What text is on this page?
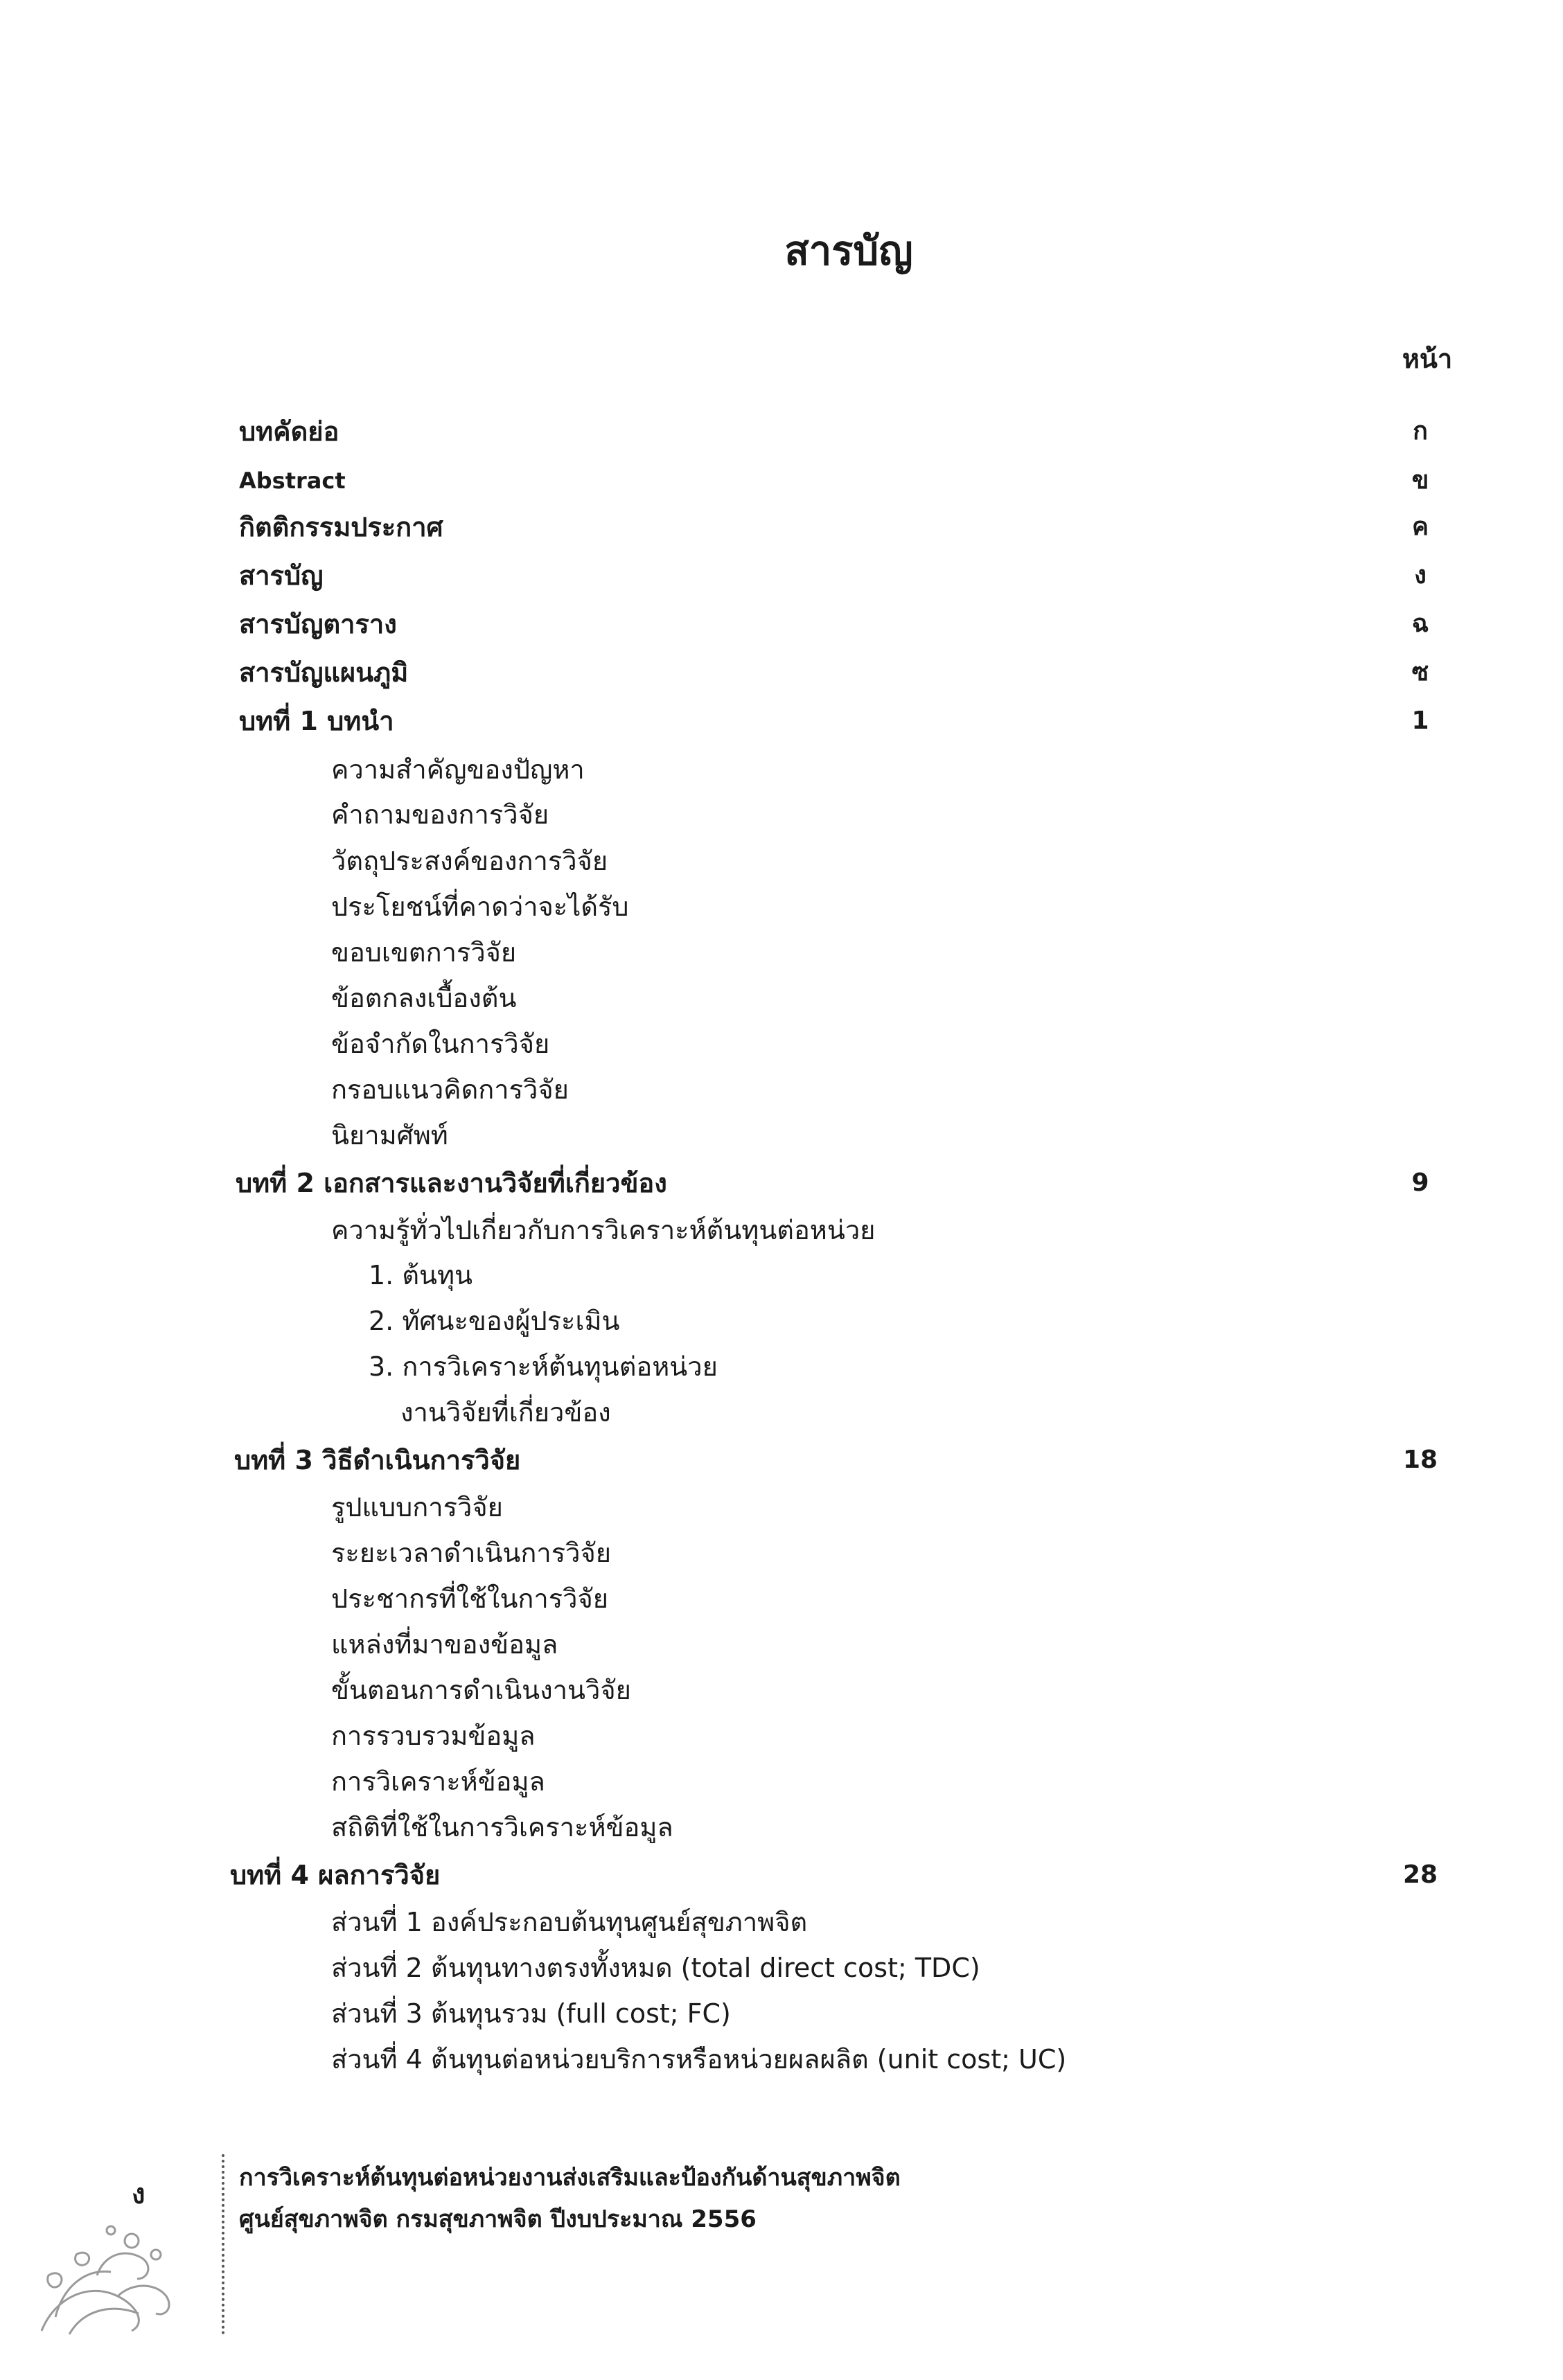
สารบัญ
หน้า
บทคัดย่อ	ก
Abstract	ข
กิตติกรรมประกาศ	ค
สารบัญ	ง
สารบัญตาราง	ฉ
สารบัญแผนภูมิ	ซ
บทที่ 1 บทนำ	1
ความสำคัญของปัญหา
คำถามของการวิจัย
วัตถุประสงค์ของการวิจัย
ประโยชน์ที่คาดว่าจะได้รับ
ขอบเขตการวิจัย
ข้อตกลงเบื้องต้น
ข้อจำกัดในการวิจัย
กรอบแนวคิดการวิจัย
นิยามศัพท์
บทที่ 2 เอกสารและงานวิจัยที่เกี่ยวข้อง	9
ความรู้ทั่วไปเกี่ยวกับการวิเคราะห์ต้นทุนต่อหน่วย
1. ต้นทุน
2. ทัศนะของผู้ประเมิน
3. การวิเคราะห์ต้นทุนต่อหน่วย
งานวิจัยที่เกี่ยวข้อง
บทที่ 3 วิธีดำเนินการวิจัย	18
รูปแบบการวิจัย
ระยะเวลาดำเนินการวิจัย
ประชากรที่ใช้ในการวิจัย
แหล่งที่มาของข้อมูล
ขั้นตอนการดำเนินงานวิจัย
การรวบรวมข้อมูล
การวิเคราะห์ข้อมูล
สถิติที่ใช้ในการวิเคราะห์ข้อมูล
บทที่ 4 ผลการวิจัย	28
ส่วนที่ 1 องค์ประกอบต้นทุนศูนย์สุขภาพจิต
ส่วนที่ 2 ต้นทุนทางตรงทั้งหมด (total direct cost; TDC)
ส่วนที่ 3 ต้นทุนรวม (full cost; FC)
ส่วนที่ 4 ต้นทุนต่อหน่วยบริการหรือหน่วยผลผลิต (unit cost; UC)
ง
การวิเคราะห์ต้นทุนต่อหน่วยงานส่งเสริมและป้องกันด้านสุขภาพจิต
ศูนย์สุขภาพจิต กรมสุขภาพจิต ปีงบประมาณ 2556
